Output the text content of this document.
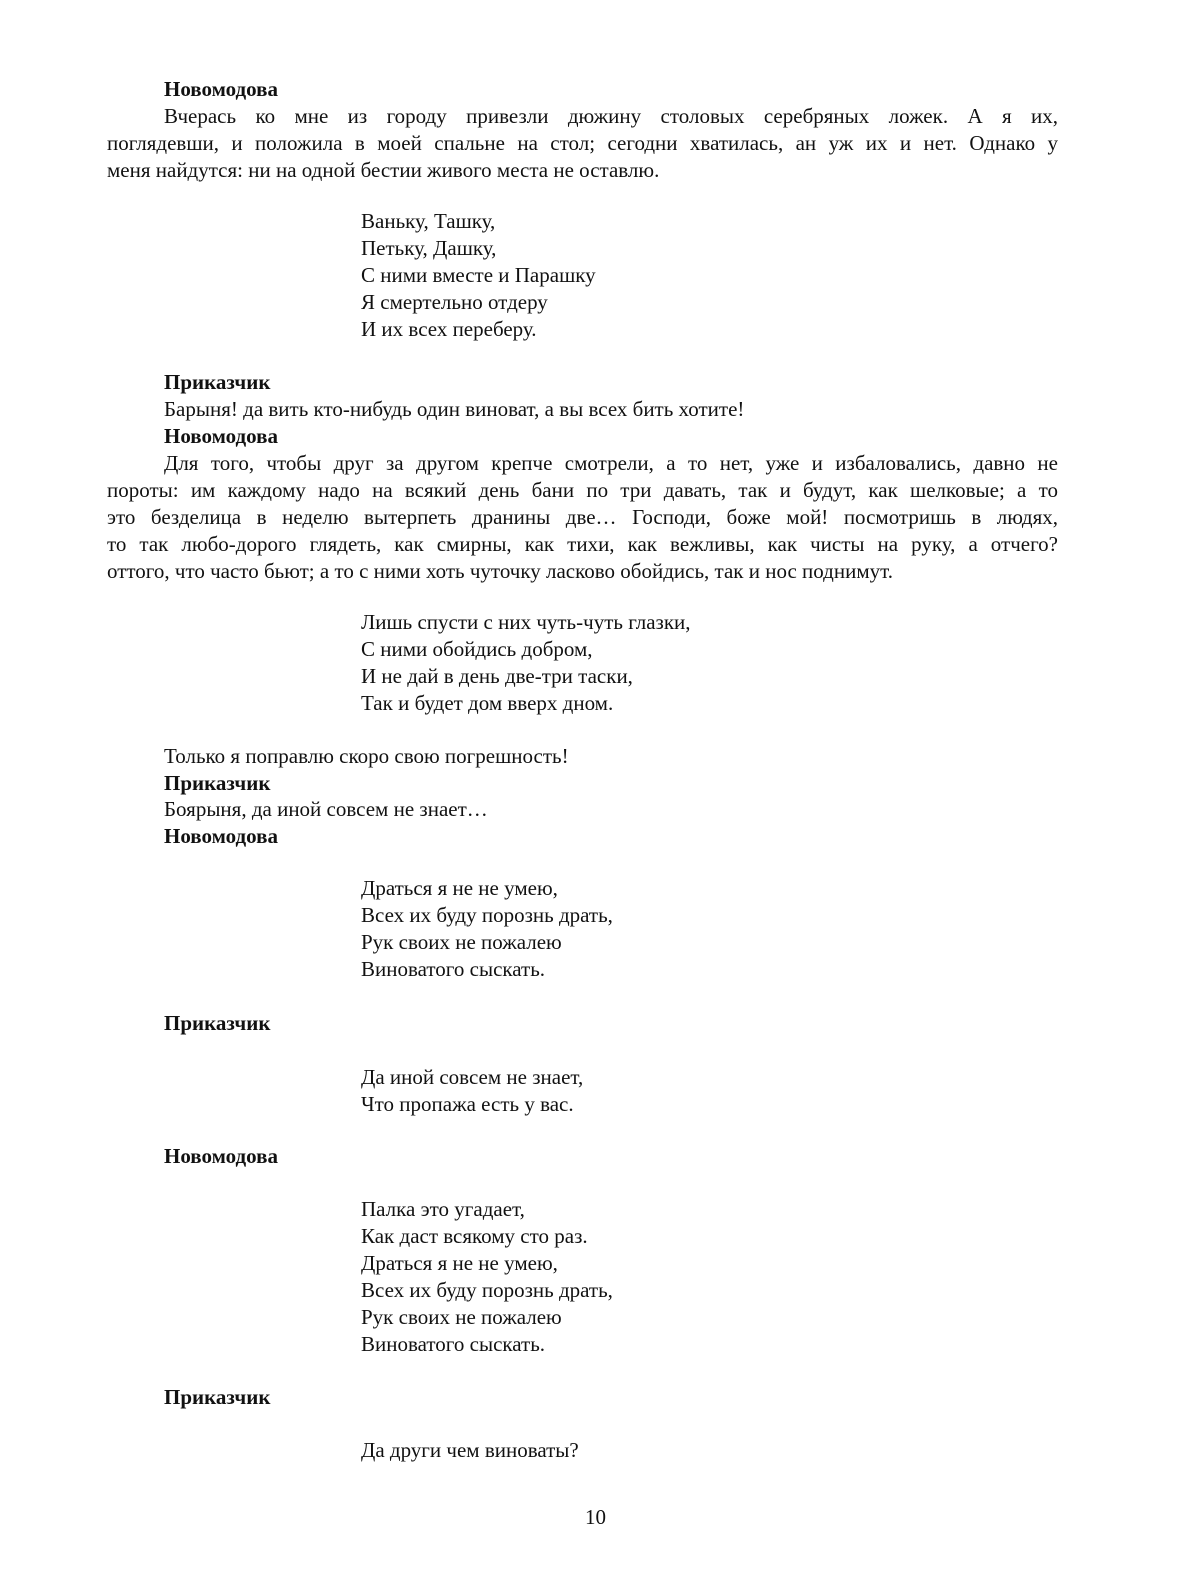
Новомодова
Вчерась ко мне из городу привезли дюжину столовых серебряных ложек. А я их,
поглядевши, и положила в моей спальне на стол; сегодни хватилась, ан уж их и нет. Однако у
меня найдутся: ни на одной бестии живого места не оставлю.
Ваньку, Ташку,
Петьку, Дашку,
С ними вместе и Парашку
Я смертельно отдеру
И их всех переберу.
Приказчик
Барыня! да вить кто-нибудь один виноват, а вы всех бить хотите!
Новомодова
Для того, чтобы друг за другом крепче смотрели, а то нет, уже и избаловались, давно не
пороты: им каждому надо на всякий день бани по три давать, так и будут, как шелковые; а то
это безделица в неделю вытерпеть дранины две… Господи, боже мой! посмотришь в людях,
то так любо-дорого глядеть, как смирны, как тихи, как вежливы, как чисты на руку, а отчего?
оттого, что часто бьют; а то с ними хоть чуточку ласково обойдись, так и нос поднимут.
Лишь спусти с них чуть-чуть глазки,
С ними обойдись добром,
И не дай в день две-три таски,
Так и будет дом вверх дном.
Только я поправлю скоро свою погрешность!
Приказчик
Боярыня, да иной совсем не знает…
Новомодова
Драться я не не умею,
Всех их буду порознь драть,
Рук своих не пожалею
Виноватого сыскать.
Приказчик
Да иной совсем не знает,
Что пропажа есть у вас.
Новомодова
Палка это угадает,
Как даст всякому сто раз.
Драться я не не умею,
Всех их буду порознь драть,
Рук своих не пожалею
Виноватого сыскать.
Приказчик
Да други чем виноваты?
10
